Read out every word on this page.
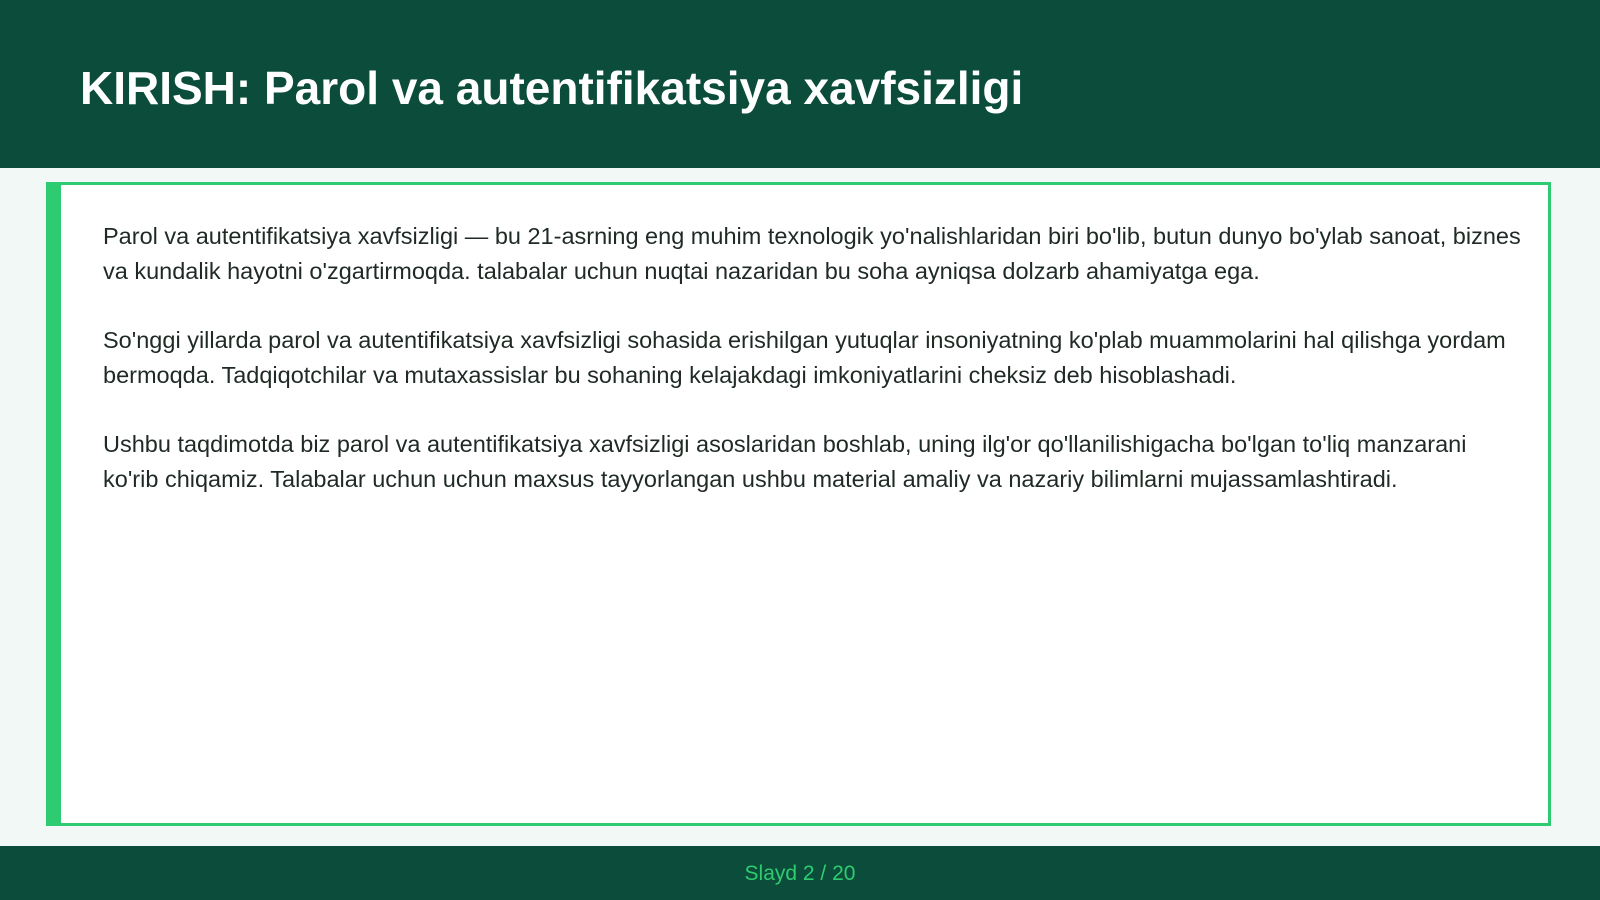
KIRISH: Parol va autentifikatsiya xavfsizligi

Parol va autentifikatsiya xavfsizligi — bu 21-asrning eng muhim texnologik yo'nalishlaridan biri bo'lib, butun dunyo bo'ylab sanoat, biznes va kundalik hayotni o'zgartirmoqda. talabalar uchun nuqtai nazaridan bu soha ayniqsa dolzarb ahamiyatga ega.

So'nggi yillarda parol va autentifikatsiya xavfsizligi sohasida erishilgan yutuqlar insoniyatning ko'plab muammolarini hal qilishga yordam bermoqda. Tadqiqotchilar va mutaxassislar bu sohaning kelajakdagi imkoniyatlarini cheksiz deb hisoblashadi.

Ushbu taqdimotda biz parol va autentifikatsiya xavfsizligi asoslaridan boshlab, uning ilg'or qo'llanilishigacha bo'lgan to'liq manzarani ko'rib chiqamiz. Talabalar uchun uchun maxsus tayyorlangan ushbu material amaliy va nazariy bilimlarni mujassamlashtiradi.

Slayd 2 / 20
